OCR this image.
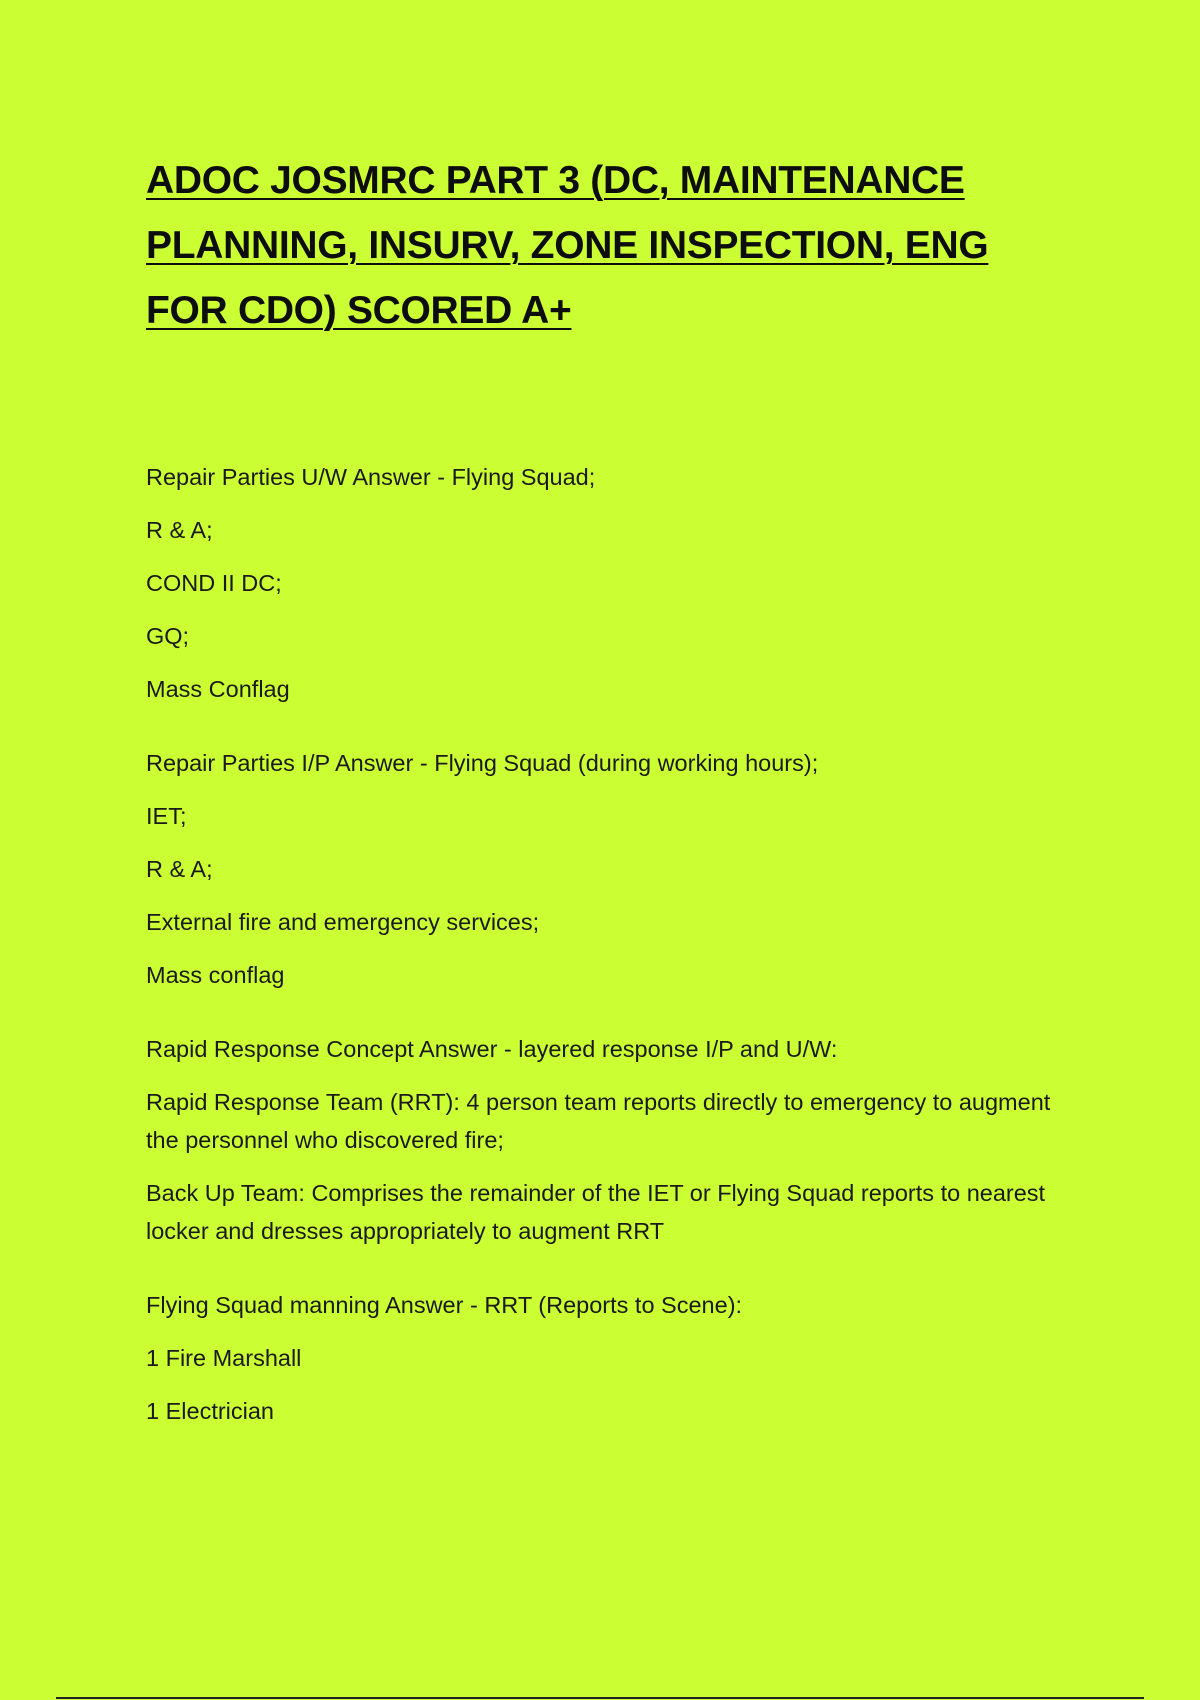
ADOC JOSMRC PART 3 (DC, MAINTENANCE PLANNING, INSURV, ZONE INSPECTION, ENG FOR CDO) SCORED A+
Repair Parties U/W Answer - Flying Squad;
R & A;
COND II DC;
GQ;
Mass Conflag
Repair Parties I/P Answer - Flying Squad (during working hours);
IET;
R & A;
External fire and emergency services;
Mass conflag
Rapid Response Concept Answer - layered response I/P and U/W:
Rapid Response Team (RRT): 4 person team reports directly to emergency to augment the personnel who discovered fire;
Back Up Team: Comprises the remainder of the IET or Flying Squad reports to nearest locker and dresses appropriately to augment RRT
Flying Squad manning Answer - RRT (Reports to Scene):
1 Fire Marshall
1 Electrician
